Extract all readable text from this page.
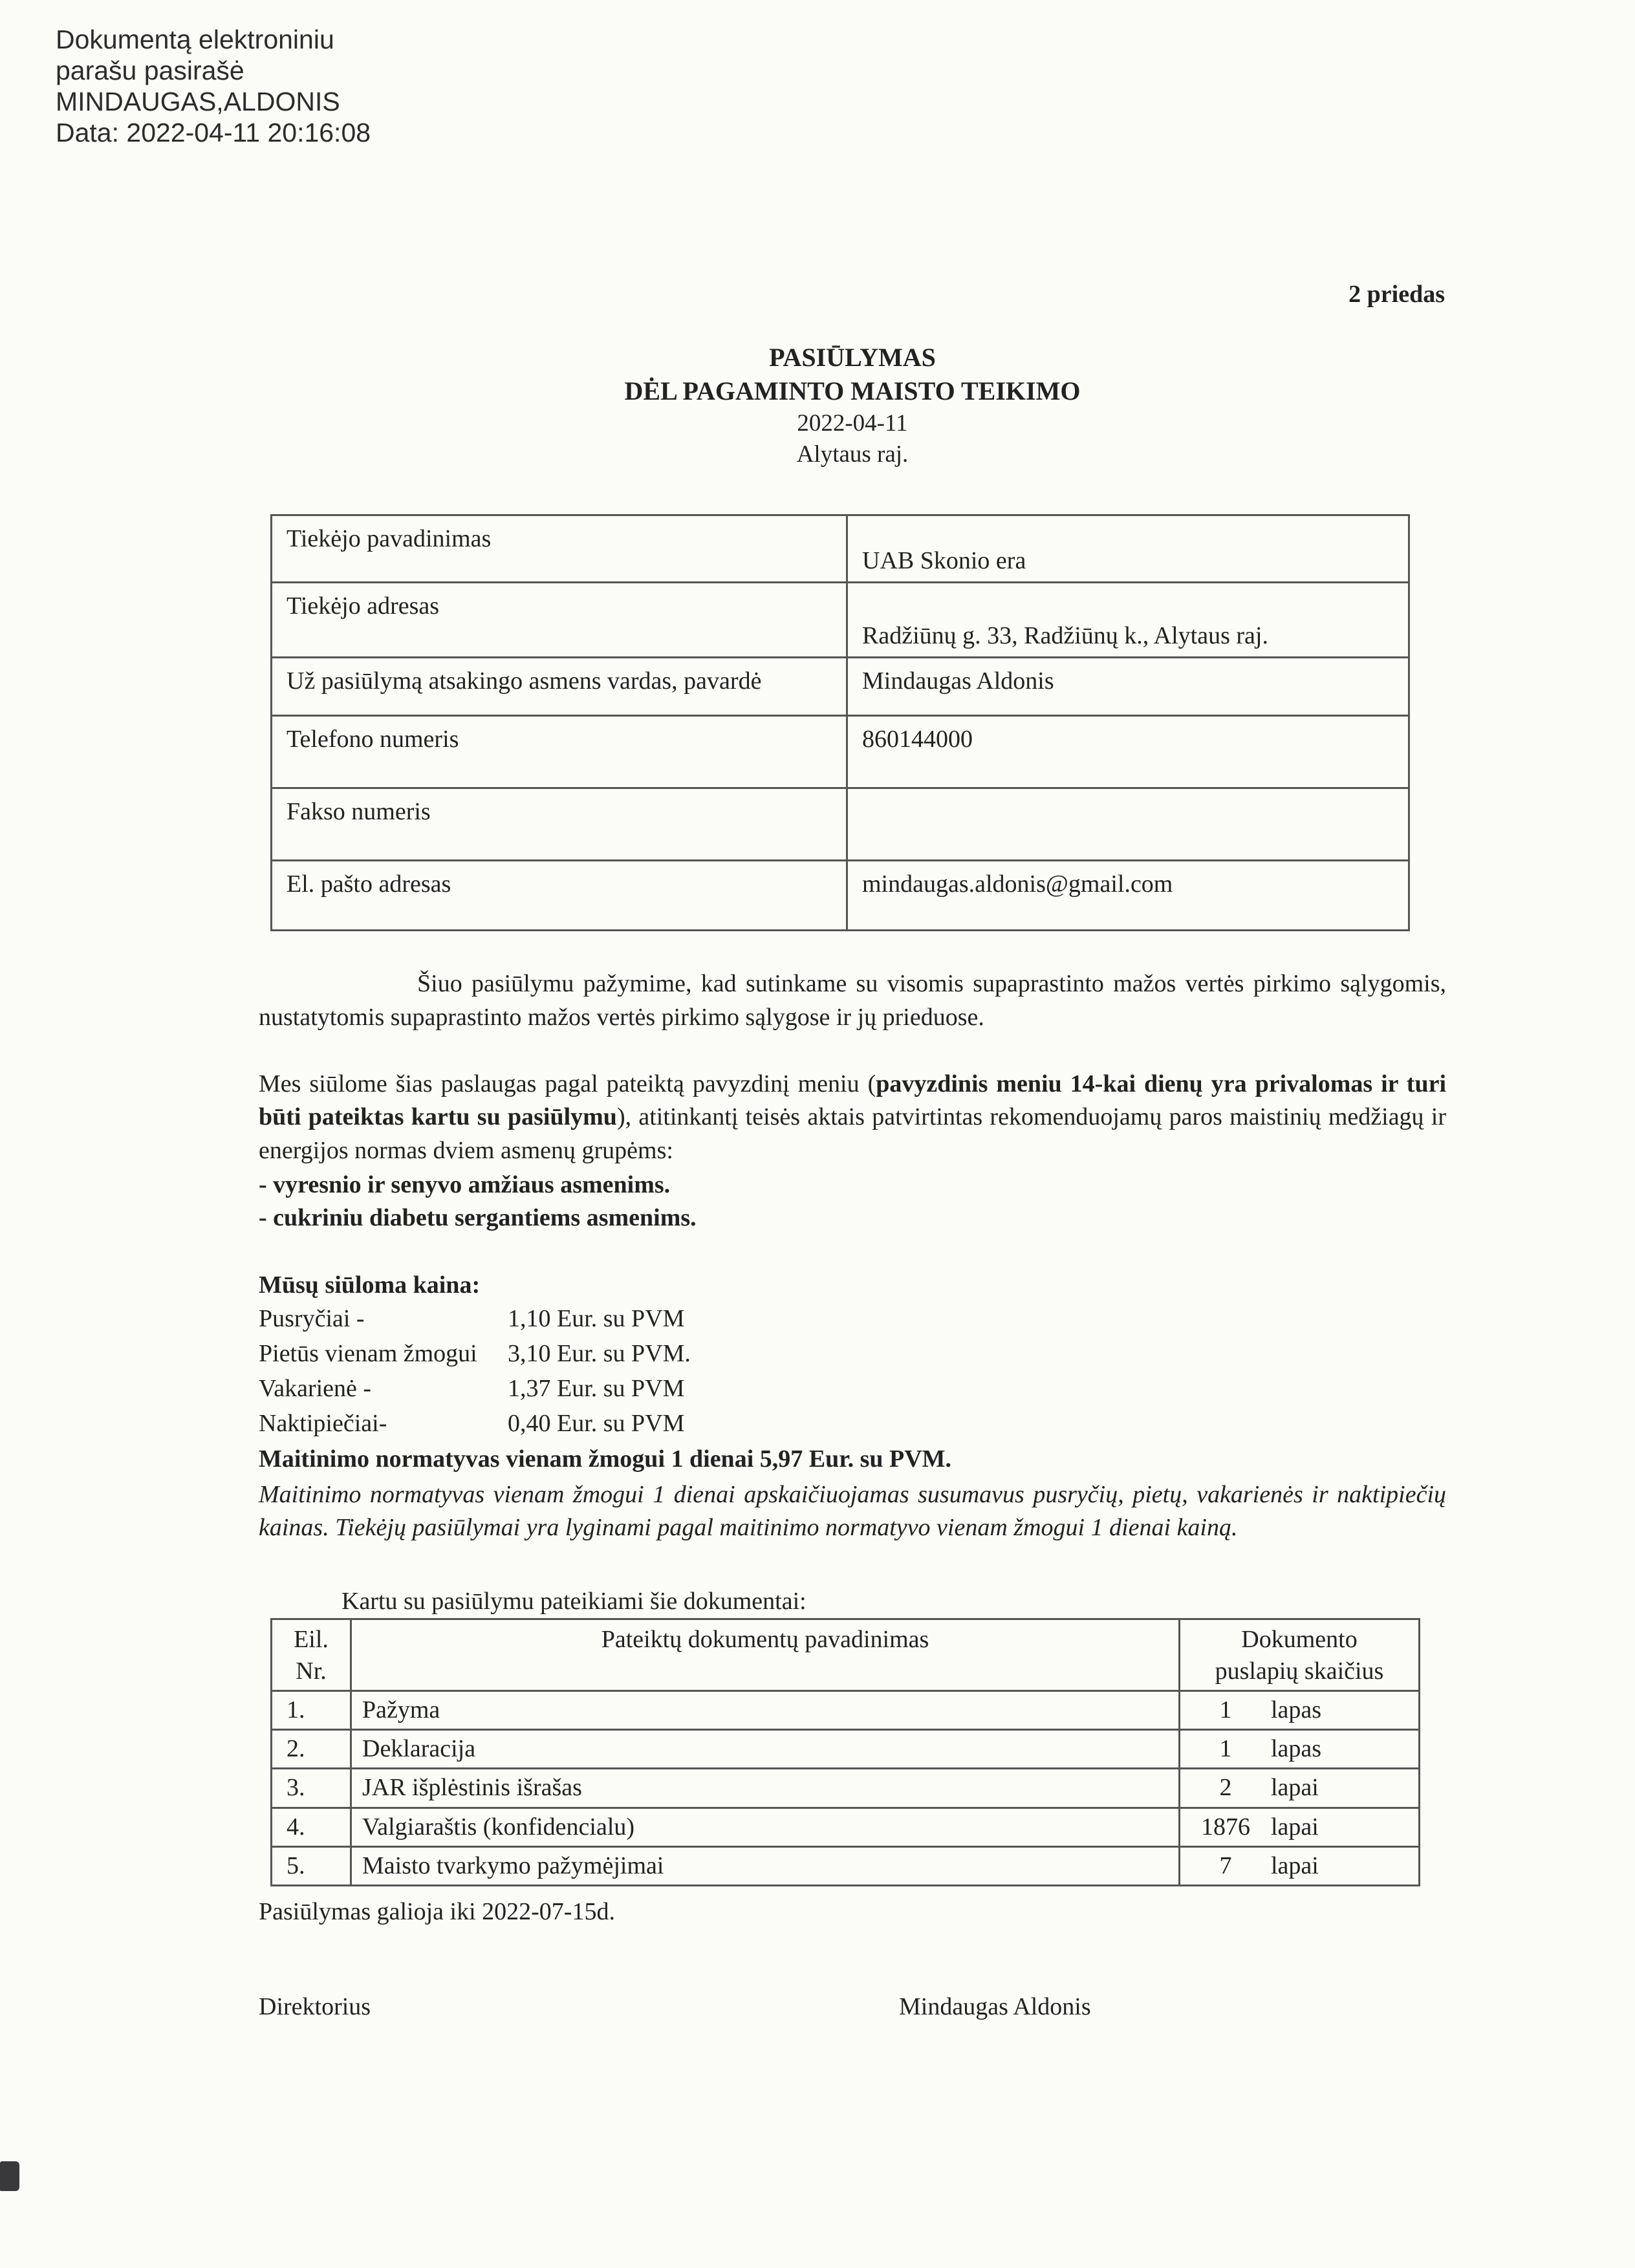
Dokumentą elektroniniu
parašu pasirašė
MINDAUGAS,ALDONIS
Data: 2022-04-11 20:16:08
2 priedas
PASIŪLYMAS
DĖL PAGAMINTO MAISTO TEIKIMO
2022-04-11
Alytaus raj.
Tiekėjo pavadinimas	UAB Skonio era
Tiekėjo adresas	Radžiūnų g. 33, Radžiūnų k., Alytaus raj.
Už pasiūlymą atsakingo asmens vardas, pavardė	Mindaugas Aldonis
Telefono numeris	860144000
Fakso numeris	
El. pašto adresas	mindaugas.aldonis@gmail.com

Šiuo pasiūlymu pažymime, kad sutinkame su visomis supaprastinto mažos vertės pirkimo sąlygomis, nustatytomis supaprastinto mažos vertės pirkimo sąlygose ir jų prieduose.

Mes siūlome šias paslaugas pagal pateiktą pavyzdinį meniu (pavyzdinis meniu 14-kai dienų yra privalomas ir turi būti pateiktas kartu su pasiūlymu), atitinkantį teisės aktais patvirtintas rekomenduojamų paros maistinių medžiagų ir energijos normas dviem asmenų grupėms:

- vyresnio ir senyvo amžiaus asmenims.
- cukriniu diabetu sergantiems asmenims.
Mūsų siūloma kaina:
Pusryčiai -	1,10 Eur. su PVM
Pietūs vienam žmogui 3,10 Eur. su PVM.
Vakarienė -	1,37 Eur. su PVM
Naktipiečiai-	0,40 Eur. su PVM
Maitinimo normatyvas vienam žmogui 1 dienai 5,97 Eur. su PVM.
Maitinimo normatyvas vienam žmogui 1 dienai apskaičiuojamas susumavus pusryčių, pietų, vakarienės ir naktipiečių kainas. Tiekėjų pasiūlymai yra lyginami pagal maitinimo normatyvo vienam žmogui 1 dienai kainą.
Kartu su pasiūlymu pateikiami šie dokumentai:
Eil.
Nr.	Pateiktų dokumentų pavadinimas	Dokumento
puslapių skaičius
1.	Pažyma	1 lapas
2.	Deklaracija	1 lapas
3.	JAR išplėstinis išrašas	2 lapai
4.	Valgiaraštis (konfidencialu)	1876 lapai
5.	Maisto tvarkymo pažymėjimai	7 lapai
Pasiūlymas galioja iki 2022-07-15d.
Direktorius	Mindaugas Aldonis
